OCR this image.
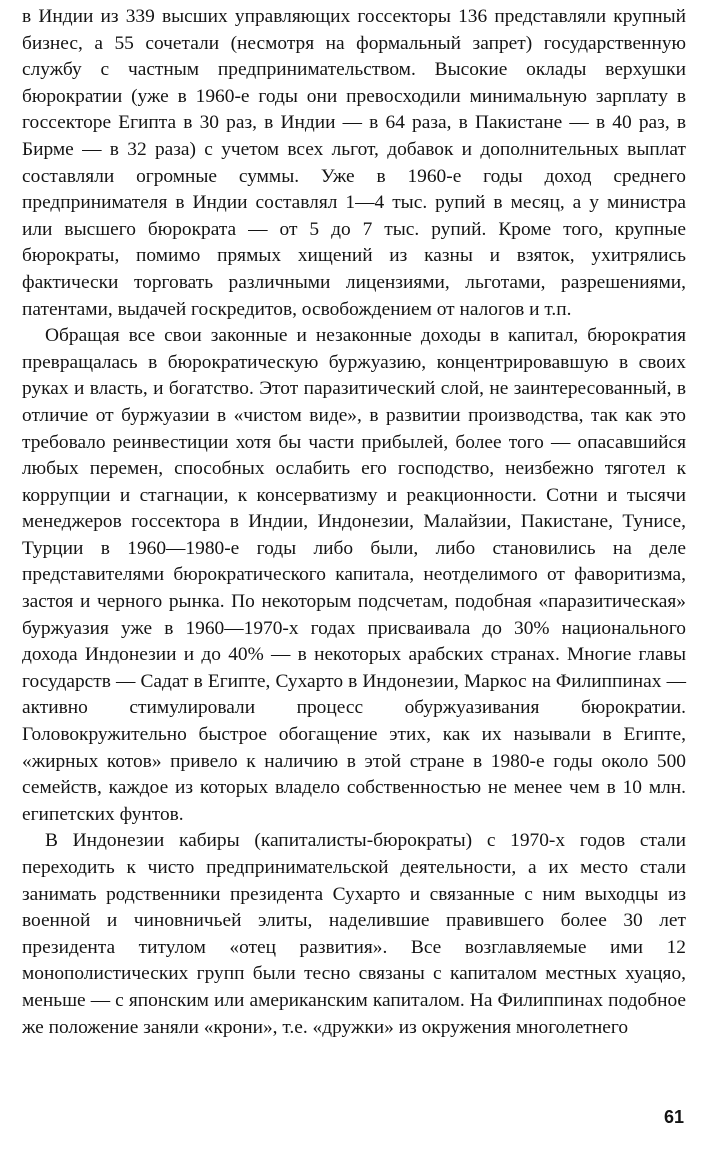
в Индии из 339 высших управляющих госсекторы 136 представляли крупный бизнес, а 55 сочетали (несмотря на формальный запрет) государственную службу с частным предпринимательством. Высокие оклады верхушки бюрократии (уже в 1960-е годы они превосходили минимальную зарплату в госсекторе Египта в 30 раз, в Индии — в 64 раза, в Пакистане — в 40 раз, в Бирме — в 32 раза) с учетом всех льгот, добавок и дополнительных выплат составляли огромные суммы. Уже в 1960-е годы доход среднего предпринимателя в Индии составлял 1—4 тыс. рупий в месяц, а у министра или высшего бюрократа — от 5 до 7 тыс. рупий. Кроме того, крупные бюрократы, помимо прямых хищений из казны и взяток, ухитрялись фактически торговать различными лицензиями, льготами, разрешениями, патентами, выдачей госкредитов, освобождением от налогов и т.п.

Обращая все свои законные и незаконные доходы в капитал, бюрократия превращалась в бюрократическую буржуазию, концентрировавшую в своих руках и власть, и богатство. Этот паразитический слой, не заинтересованный, в отличие от буржуазии в «чистом виде», в развитии производства, так как это требовало реинвестиции хотя бы части прибылей, более того — опасавшийся любых перемен, способных ослабить его господство, неизбежно тяготел к коррупции и стагнации, к консерватизму и реакционности. Сотни и тысячи менеджеров госсектора в Индии, Индонезии, Малайзии, Пакистане, Тунисе, Турции в 1960—1980-е годы либо были, либо становились на деле представителями бюрократического капитала, неотделимого от фаворитизма, застоя и черного рынка. По некоторым подсчетам, подобная «паразитическая» буржуазия уже в 1960—1970-х годах присваивала до 30% национального дохода Индонезии и до 40% — в некоторых арабских странах. Многие главы государств — Садат в Египте, Сухарто в Индонезии, Маркос на Филиппинах — активно стимулировали процесс обуржуазивания бюрократии. Головокружительно быстрое обогащение этих, как их называли в Египте, «жирных котов» привело к наличию в этой стране в 1980-е годы около 500 семейств, каждое из которых владело собственностью не менее чем в 10 млн. египетских фунтов.

В Индонезии кабиры (капиталисты-бюрократы) с 1970-х годов стали переходить к чисто предпринимательской деятельности, а их место стали занимать родственники президента Сухарто и связанные с ним выходцы из военной и чиновничьей элиты, наделившие правившего более 30 лет президента титулом «отец развития». Все возглавляемые ими 12 монополистических групп были тесно связаны с капиталом местных хуацяо, меньше — с японским или американским капиталом. На Филиппинах подобное же положение заняли «крони», т.е. «дружки» из окружения многолетнего

61
